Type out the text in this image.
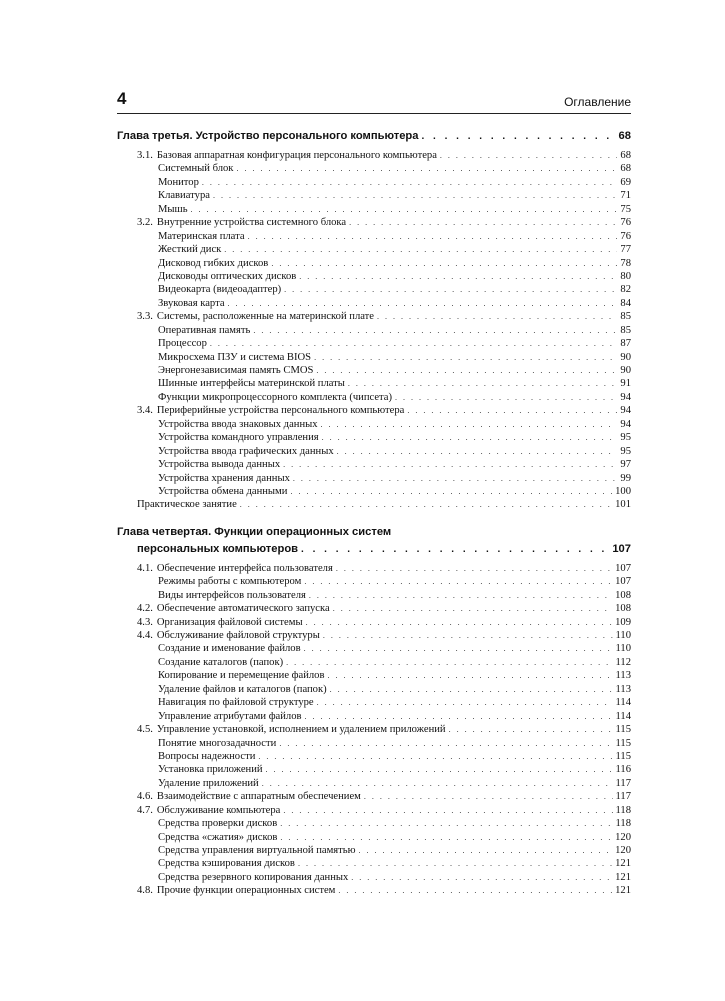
4	Оглавление
Глава третья. Устройство персонального компьютера . . .	68
3.1. Базовая аппаратная конфигурация персонального компьютера . . .	68
Системный блок . . .	68
Монитор . . .	69
Клавиатура . . .	71
Мышь . . .	75
3.2. Внутренние устройства системного блока . . .	76
Материнская плата . . .	76
Жесткий диск . . .	77
Дисковод гибких дисков . . .	78
Дисководы оптических дисков . . .	80
Видеокарта (видеоадаптер) . . .	82
Звуковая карта . . .	84
3.3. Системы, расположенные на материнской плате . . .	85
Оперативная память . . .	85
Процессор . . .	87
Микросхема ПЗУ и система BIOS . . .	90
Энергонезависимая память CMOS . . .	90
Шинные интерфейсы материнской платы . . .	91
Функции микропроцессорного комплекта (чипсета) . . .	94
3.4. Периферийные устройства персонального компьютера . . .	94
Устройства ввода знаковых данных . . .	94
Устройства командного управления . . .	95
Устройства ввода графических данных . . .	95
Устройства вывода данных . . .	97
Устройства хранения данных . . .	99
Устройства обмена данными . . .	100
Практическое занятие . . .	101
Глава четвертая. Функции операционных систем
персональных компьютеров . . .	107
4.1. Обеспечение интерфейса пользователя . . .	107
Режимы работы с компьютером . . .	107
Виды интерфейсов пользователя . . .	108
4.2. Обеспечение автоматического запуска . . .	108
4.3. Организация файловой системы . . .	109
4.4. Обслуживание файловой структуры . . .	110
Создание и именование файлов . . .	110
Создание каталогов (папок) . . .	112
Копирование и перемещение файлов . . .	113
Удаление файлов и каталогов (папок) . . .	113
Навигация по файловой структуре . . .	114
Управление атрибутами файлов . . .	114
4.5. Управление установкой, исполнением и удалением приложений . . .	115
Понятие многозадачности . . .	115
Вопросы надежности . . .	115
Установка приложений . . .	116
Удаление приложений . . .	117
4.6. Взаимодействие с аппаратным обеспечением . . .	117
4.7. Обслуживание компьютера . . .	118
Средства проверки дисков . . .	118
Средства «сжатия» дисков . . .	120
Средства управления виртуальной памятью . . .	120
Средства кэширования дисков . . .	121
Средства резервного копирования данных . . .	121
4.8. Прочие функции операционных систем . . .	121
